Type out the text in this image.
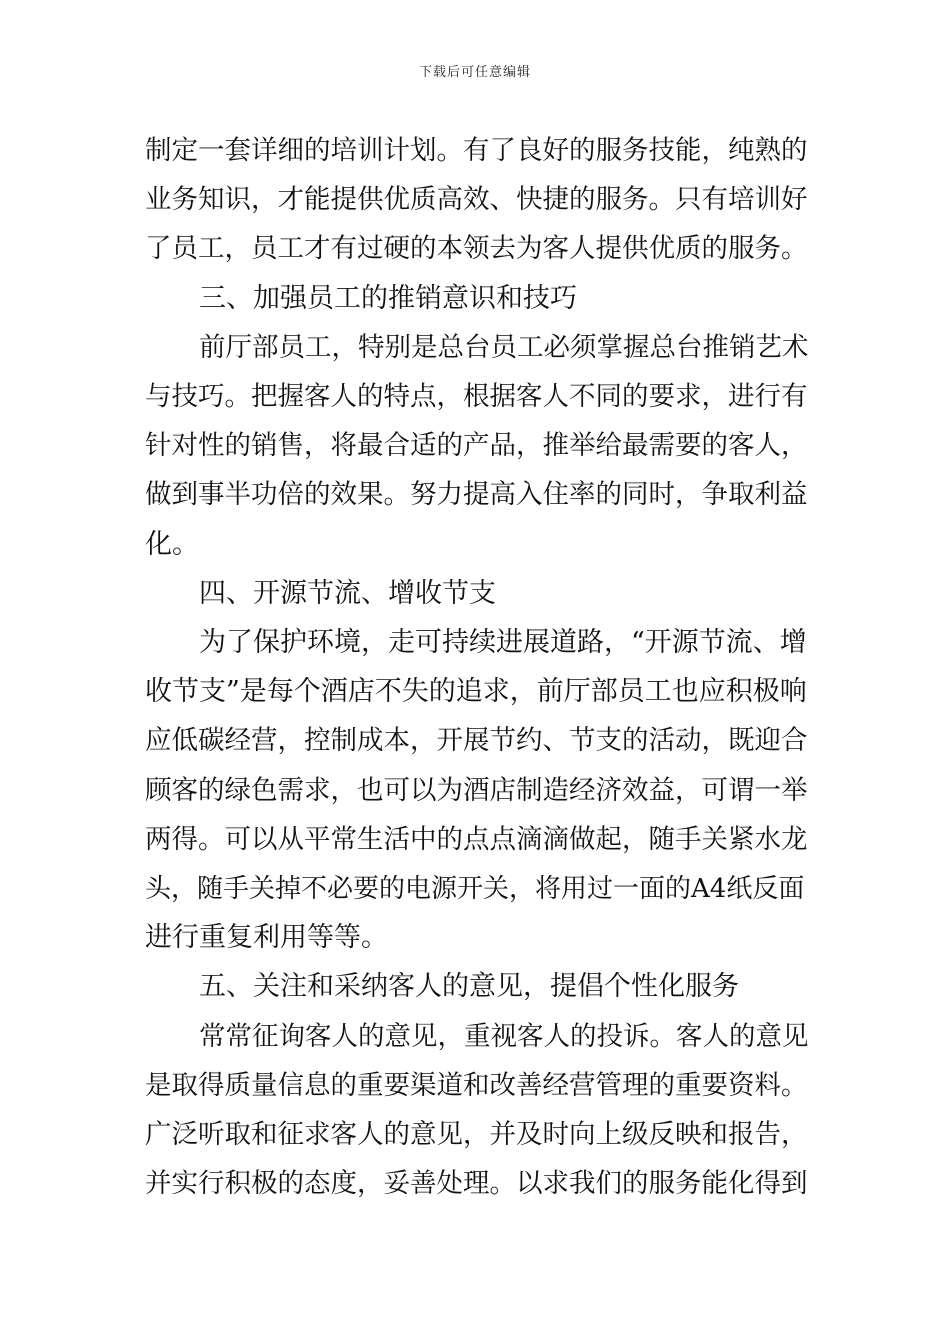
下载后可任意编辑
制定一套详细的培训计划。有了良好的服务技能，纯熟的
业务知识，才能提供优质高效、快捷的服务。只有培训好
了员工，员工才有过硬的本领去为客人提供优质的服务。
三、加强员工的推销意识和技巧
前厅部员工，特别是总台员工必须掌握总台推销艺术
与技巧。把握客人的特点，根据客人不同的要求，进行有
针对性的销售，将最合适的产品，推举给最需要的客人，
做到事半功倍的效果。努力提高入住率的同时，争取利益
化。
四、开源节流、增收节支
为了保护环境，走可持续进展道路，“开源节流、增
收节支”是每个酒店不失的追求，前厅部员工也应积极响
应低碳经营，控制成本，开展节约、节支的活动，既迎合
顾客的绿色需求，也可以为酒店制造经济效益，可谓一举
两得。可以从平常生活中的点点滴滴做起，随手关紧水龙
头，随手关掉不必要的电源开关，将用过一面的A4纸反面
进行重复利用等等。
五、关注和采纳客人的意见，提倡个性化服务
常常征询客人的意见，重视客人的投诉。客人的意见
是取得质量信息的重要渠道和改善经营管理的重要资料。
广泛听取和征求客人的意见，并及时向上级反映和报告，
并实行积极的态度，妥善处理。以求我们的服务能化得到
